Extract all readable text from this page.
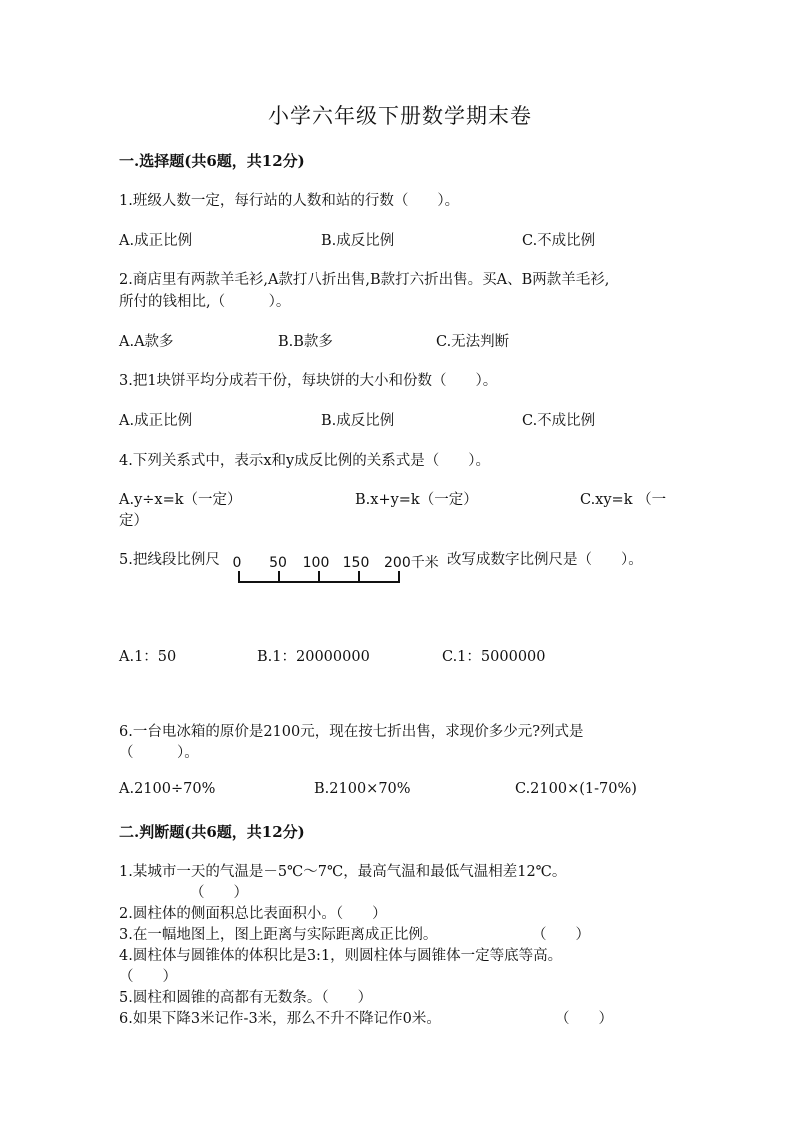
小学六年级下册数学期末卷
一.选择题(共6题，共12分)
1.班级人数一定，每行站的人数和站的行数（　　）。
A.成正比例	B.成反比例	C.不成比例
2.商店里有两款羊毛衫,A款打八折出售,B款打六折出售。买A、B两款羊毛衫,
所付的钱相比,（　　　）。
A.A款多	B.B款多	C.无法判断
3.把1块饼平均分成若干份，每块饼的大小和份数（　　）。
A.成正比例	B.成反比例	C.不成比例
4.下列关系式中，表示x和y成反比例的关系式是（　　）。
A.y÷x=k（一定）	B.x+y=k（一定）	C.xy=k （一
定）
5.把线段比例尺 0 50 100 150 200千米 改写成数字比例尺是（　　）。
A.1：50	B.1：20000000	C.1：5000000
6.一台电冰箱的原价是2100元，现在按七折出售，求现价多少元?列式是
（　　　）。
A.2100÷70%	B.2100×70%	C.2100×(1-70%)
二.判断题(共6题，共12分)
1.某城市一天的气温是－5℃～7℃，最高气温和最低气温相差12℃。
（　　）
2.圆柱体的侧面积总比表面积小。（　　）
3.在一幅地图上，图上距离与实际距离成正比例。	（　　）
4.圆柱体与圆锥体的体积比是3:1，则圆柱体与圆锥体一定等底等高。
（　　）
5.圆柱和圆锥的高都有无数条。（　　）
6.如果下降3米记作-3米，那么不升不降记作0米。	（　　）
